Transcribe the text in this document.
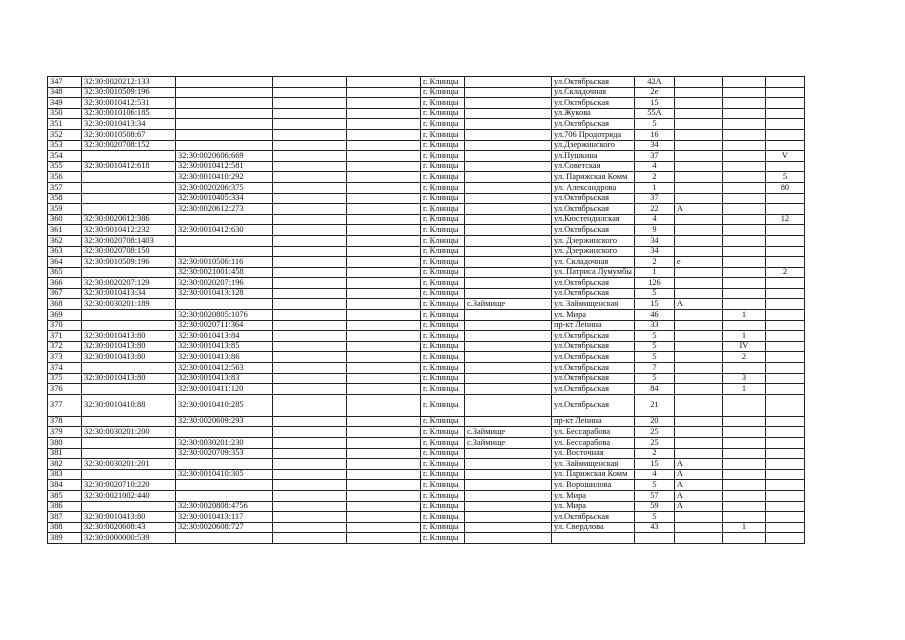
347	32:30:0020212:133				г. Клинцы		ул.Октябрьская	42А			
348	32:30:0010509:196				г. Клинцы		ул.Складочная	2е			
349	32:30:0010412:531				г. Клинцы		ул.Октябрьская	15			
350	32:30:0010106:185				г. Клинцы		ул.Жукова	55А			
351	32:30:0010413:34				г. Клинцы		ул.Октябрьская	5			
352	32:30:0010508:67				г. Клинцы		ул.706 Продотряда	16			
353	32:30:0020708:152				г. Клинцы		ул.Дзержинского	34			
354		32:30:0020606:669			г. Клинцы		ул.Пушкина	37			V
355	32:30:0010412:618	32:30:0010412:581			г. Клинцы		ул.Советская	4			
356		32:30:0010410:292			г. Клинцы		ул. Парижская Комм	2			5
357		32:30:0020206:375			г. Клинцы		ул. Александрова	1			80
358		32:30:0010405:334			г. Клинцы		ул.Октябрьская	37			
359		32:30:0020612:273			г. Клинцы		ул.Октябрьская	22	А		
360	32:30:0020612:386				г. Клинцы		ул.Кюстендилская	4			12
361	32:30:0010412:232	32:30:0010412:630			г. Клинцы		ул.Октябрьская	9			
362	32:30:0020708:1403				г. Клинцы		ул. Дзержинского	34			
363	32:30:0020708:150				г. Клинцы		ул. Дзержинского	34			
364	32:30:0010509:196	32:30:0010506:116			г. Клинцы		ул. Складочная	2	е		
365		32:30:0021001:458			г. Клинцы		ул. Патриса Лумумбы	1			2
366	32:30:0020207:129	32:30:0020207:196			г. Клинцы		ул.Октябрьская	126			
367	32:30:0010413:34	32:30:0010413:128			г. Клинцы		ул.Октябрьская	5			
368	32:30:0030201:189				г. Клинцы	с.Займище	ул. Займищенская	15	А		
369		32:30:0020805:1076			г. Клинцы		ул. Мира	46		1	
370		32:30:0020711:364			г. Клинцы		пр-кт Ленина	33			
371	32:30:0010413:80	32:30:0010413:84			г. Клинцы		ул.Октябрьская	5		1	
372	32:30:0010413:80	32:30:0010413:85			г. Клинцы		ул.Октябрьская	5		IV	
373	32:30:0010413:80	32:30:0010413:86			г. Клинцы		ул.Октябрьская	5		2	
374		32:30:0010412:563			г. Клинцы		ул.Октябрьская	7			
375	32:30:0010413:80	32:30:0010413:83			г. Клинцы		ул.Октябрьская	5		3	
376		32:30:0010411:120			г. Клинцы		ул.Октябрьская	84		1	
377	32:30:0010410:88	32:30:0010410:285			г. Клинцы		ул.Октябрьская	21			
378		32:30:0020609:293			г. Клинцы		пр-кт Ленина	20			
379	32:30:0030201:200				г. Клинцы	с.Займище	ул. Бессарабова	25			
380		32:30:0030201:230			г. Клинцы	с.Займище	ул. Бессарабова	25			
381		32:30:0020709:353			г. Клинцы		ул. Восточная	2			
382	32:30:0030201:201				г. Клинцы		ул. Займищенская	15	А		
383		32:30:0010410:305			г. Клинцы		ул. Парижская Комм	4	А		
384	32:30:0020710:220				г. Клинцы		ул. Ворошилова	5	А		
385	32:30:0021002:440				г. Клинцы		ул. Мира	57	А		
386		32:30:0020808:4756			г. Клинцы		ул. Мира	59	А		
387	32:30:0010413:80	32:30:0010413:117			г. Клинцы		ул.Октябрьская	5			
388	32:30:0020608:43	32:30:0020608:727			г. Клинцы		ул. Свердлова	43		1	
389	32:30:0000000:539				г. Клинцы						
